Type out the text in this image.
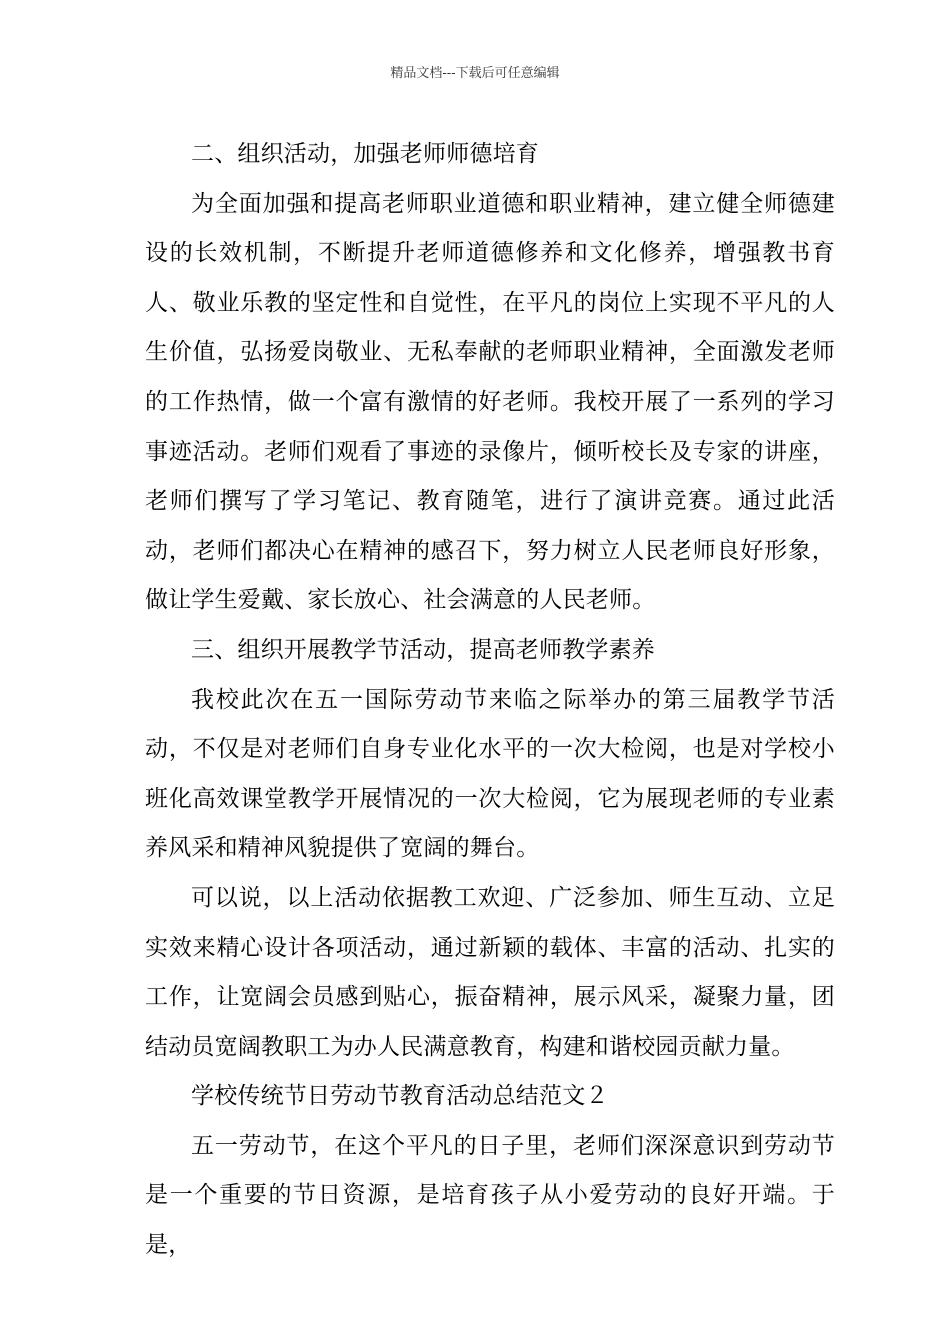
精品文档---下载后可任意编辑

二、组织活动，加强老师师德培育

为全面加强和提高老师职业道德和职业精神，建立健全师德建设的长效机制，不断提升老师道德修养和文化修养，增强教书育人、敬业乐教的坚定性和自觉性，在平凡的岗位上实现不平凡的人生价值，弘扬爱岗敬业、无私奉献的老师职业精神，全面激发老师的工作热情，做一个富有激情的好老师。我校开展了一系列的学习事迹活动。老师们观看了事迹的录像片，倾听校长及专家的讲座，老师们撰写了学习笔记、教育随笔，进行了演讲竞赛。通过此活动，老师们都决心在精神的感召下，努力树立人民老师良好形象，做让学生爱戴、家长放心、社会满意的人民老师。

三、组织开展教学节活动，提高老师教学素养

我校此次在五一国际劳动节来临之际举办的第三届教学节活动，不仅是对老师们自身专业化水平的一次大检阅，也是对学校小班化高效课堂教学开展情况的一次大检阅，它为展现老师的专业素养风采和精神风貌提供了宽阔的舞台。

可以说，以上活动依据教工欢迎、广泛参加、师生互动、立足实效来精心设计各项活动，通过新颖的载体、丰富的活动、扎实的工作，让宽阔会员感到贴心，振奋精神，展示风采，凝聚力量，团结动员宽阔教职工为办人民满意教育，构建和谐校园贡献力量。

学校传统节日劳动节教育活动总结范文２

五一劳动节，在这个平凡的日子里，老师们深深意识到劳动节是一个重要的节日资源，是培育孩子从小爱劳动的良好开端。于是，
